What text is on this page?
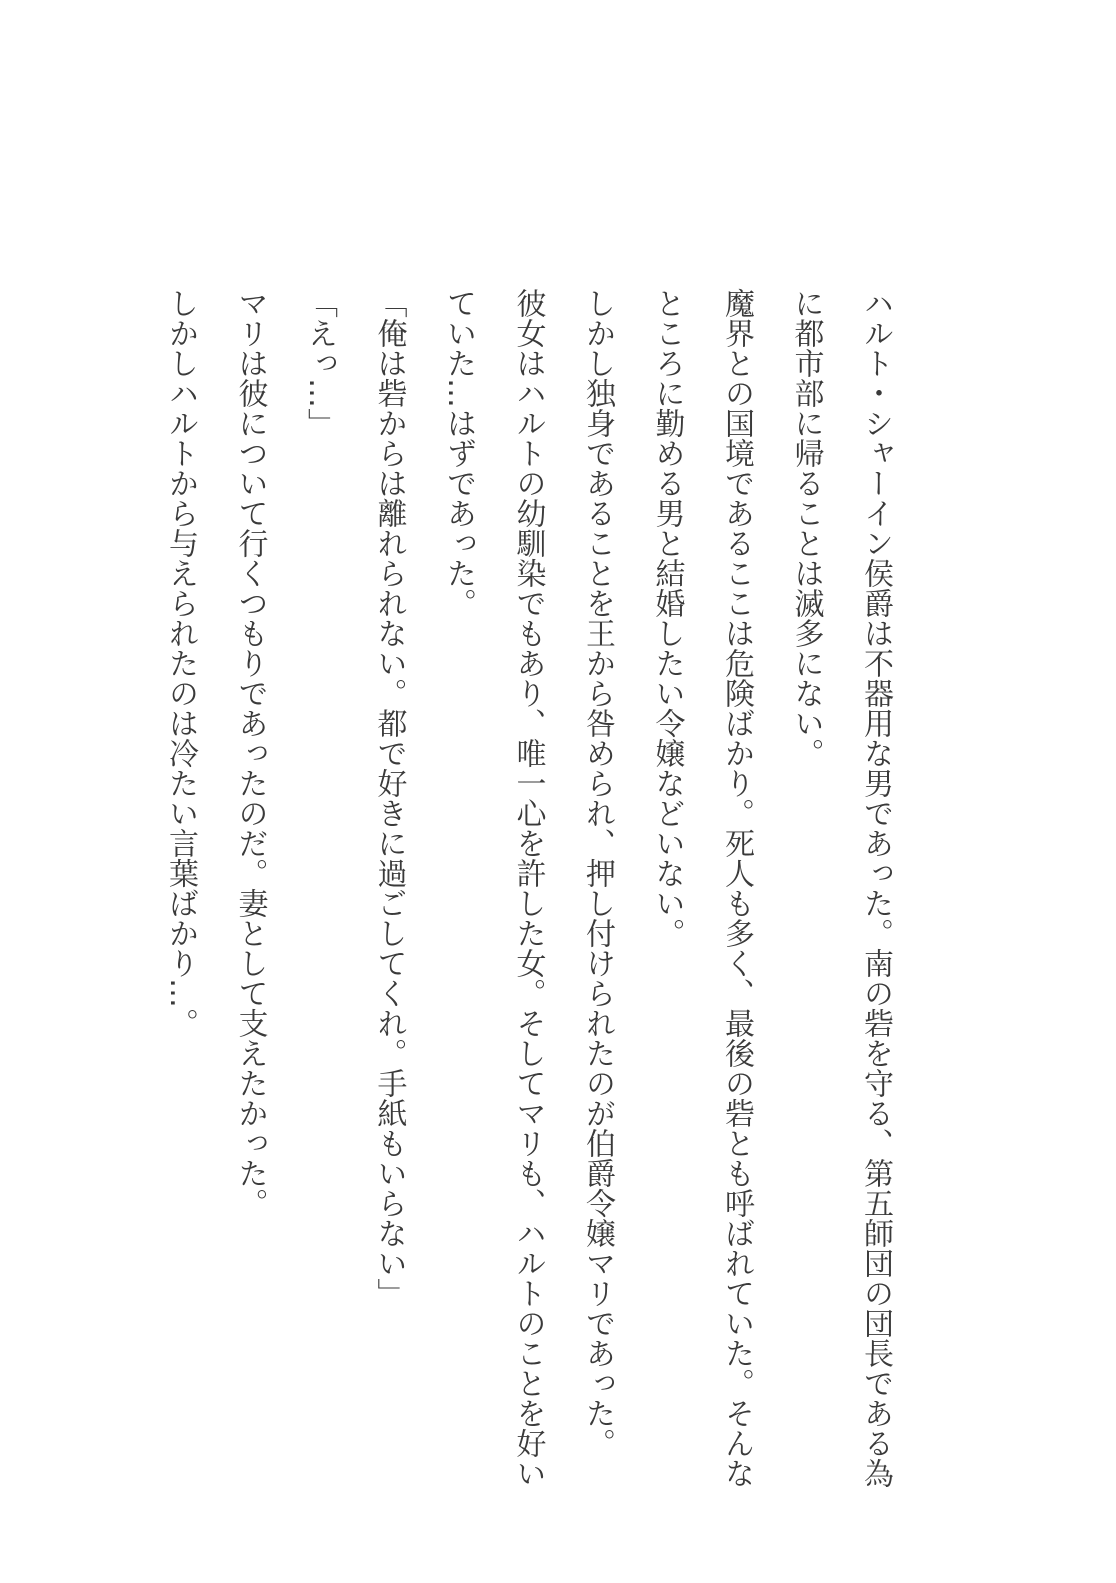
ハルト・シャーイン侯爵は不器用な男であった。南の砦を守る、第五師団の団長である為
に都市部に帰ることは滅多にない。
魔界との国境であるここは危険ばかり。死人も多く、最後の砦とも呼ばれていた。そんな
ところに勤める男と結婚したい令嬢などいない。
しかし独身であることを王から咎められ、押し付けられたのが伯爵令嬢マリであった。
彼女はハルトの幼馴染でもあり、唯一心を許した女。そしてマリも、ハルトのことを好い
ていた…はずであった。
「俺は砦からは離れられない。都で好きに過ごしてくれ。手紙もいらない」
「えっ…」
マリは彼について行くつもりであったのだ。妻として支えたかった。
しかしハルトから与えられたのは冷たい言葉ばかり…。
